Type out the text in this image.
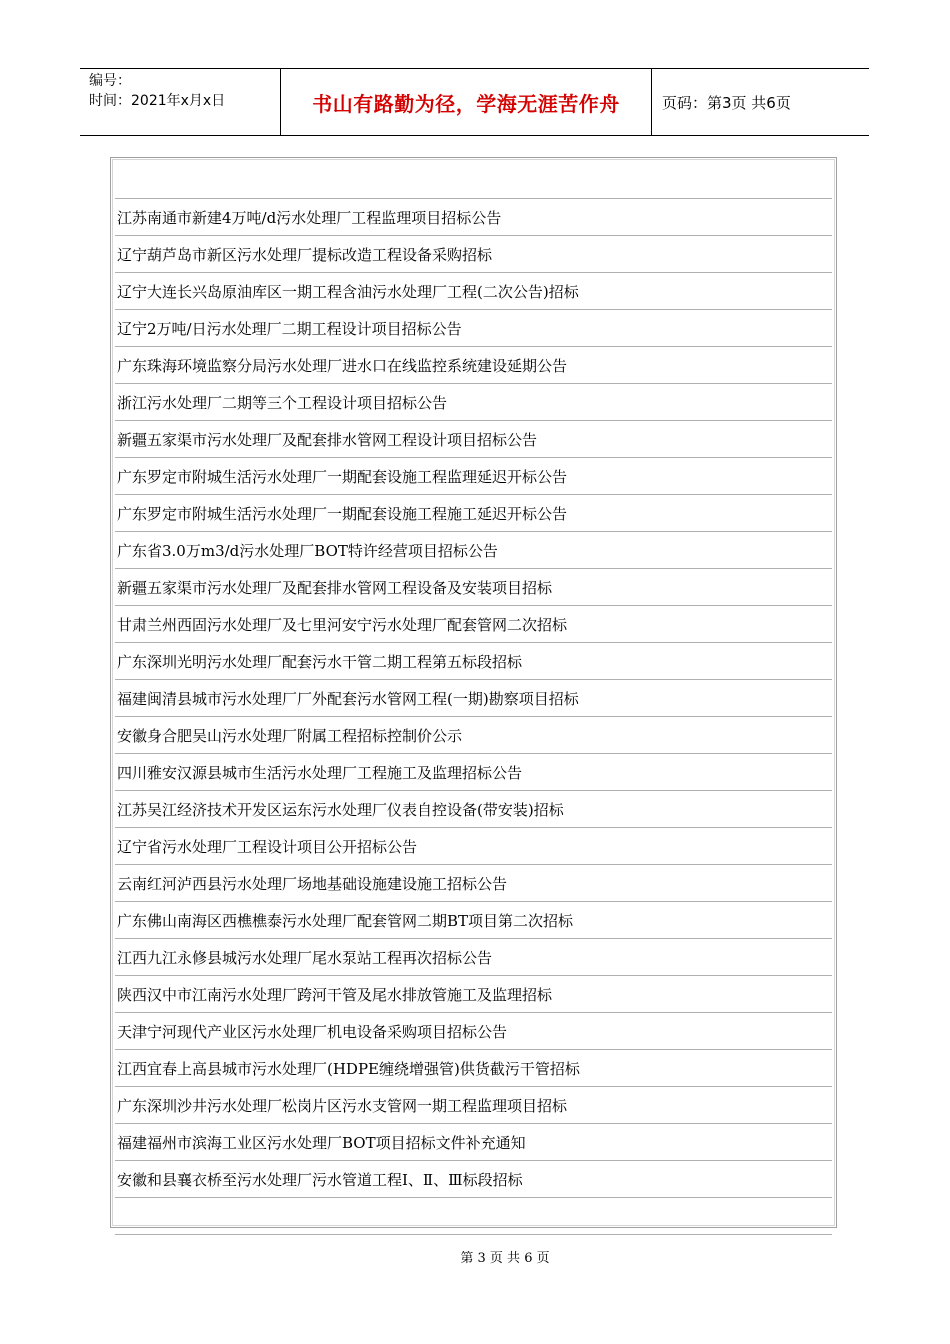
编号：
时间：2021年x月x日	书山有路勤为径，学海无涯苦作舟	页码：第3页 共6页
江苏南通市新建4万吨/d污水处理厂工程监理项目招标公告
辽宁葫芦岛市新区污水处理厂提标改造工程设备采购招标
辽宁大连长兴岛原油库区一期工程含油污水处理厂工程(二次公告)招标
辽宁2万吨/日污水处理厂二期工程设计项目招标公告
广东珠海环境监察分局污水处理厂进水口在线监控系统建设延期公告
浙江污水处理厂二期等三个工程设计项目招标公告
新疆五家渠市污水处理厂及配套排水管网工程设计项目招标公告
广东罗定市附城生活污水处理厂一期配套设施工程监理延迟开标公告
广东罗定市附城生活污水处理厂一期配套设施工程施工延迟开标公告
广东省3.0万m3/d污水处理厂BOT特许经营项目招标公告
新疆五家渠市污水处理厂及配套排水管网工程设备及安装项目招标
甘肃兰州西固污水处理厂及七里河安宁污水处理厂配套管网二次招标
广东深圳光明污水处理厂配套污水干管二期工程第五标段招标
福建闽清县城市污水处理厂厂外配套污水管网工程(一期)勘察项目招标
安徽身合肥吴山污水处理厂附属工程招标控制价公示
四川雅安汉源县城市生活污水处理厂工程施工及监理招标公告
江苏吴江经济技术开发区运东污水处理厂仪表自控设备(带安装)招标
辽宁省污水处理厂工程设计项目公开招标公告
云南红河泸西县污水处理厂场地基础设施建设施工招标公告
广东佛山南海区西樵樵泰污水处理厂配套管网二期BT项目第二次招标
江西九江永修县城污水处理厂尾水泵站工程再次招标公告
陕西汉中市江南污水处理厂跨河干管及尾水排放管施工及监理招标
天津宁河现代产业区污水处理厂机电设备采购项目招标公告
江西宜春上高县城市污水处理厂(HDPE缠绕增强管)供货截污干管招标
广东深圳沙井污水处理厂松岗片区污水支管网一期工程监理项目招标
福建福州市滨海工业区污水处理厂BOT项目招标文件补充通知
安徽和县襄衣桥至污水处理厂污水管道工程Ⅰ、Ⅱ、Ⅲ标段招标
第 3 页 共 6 页
